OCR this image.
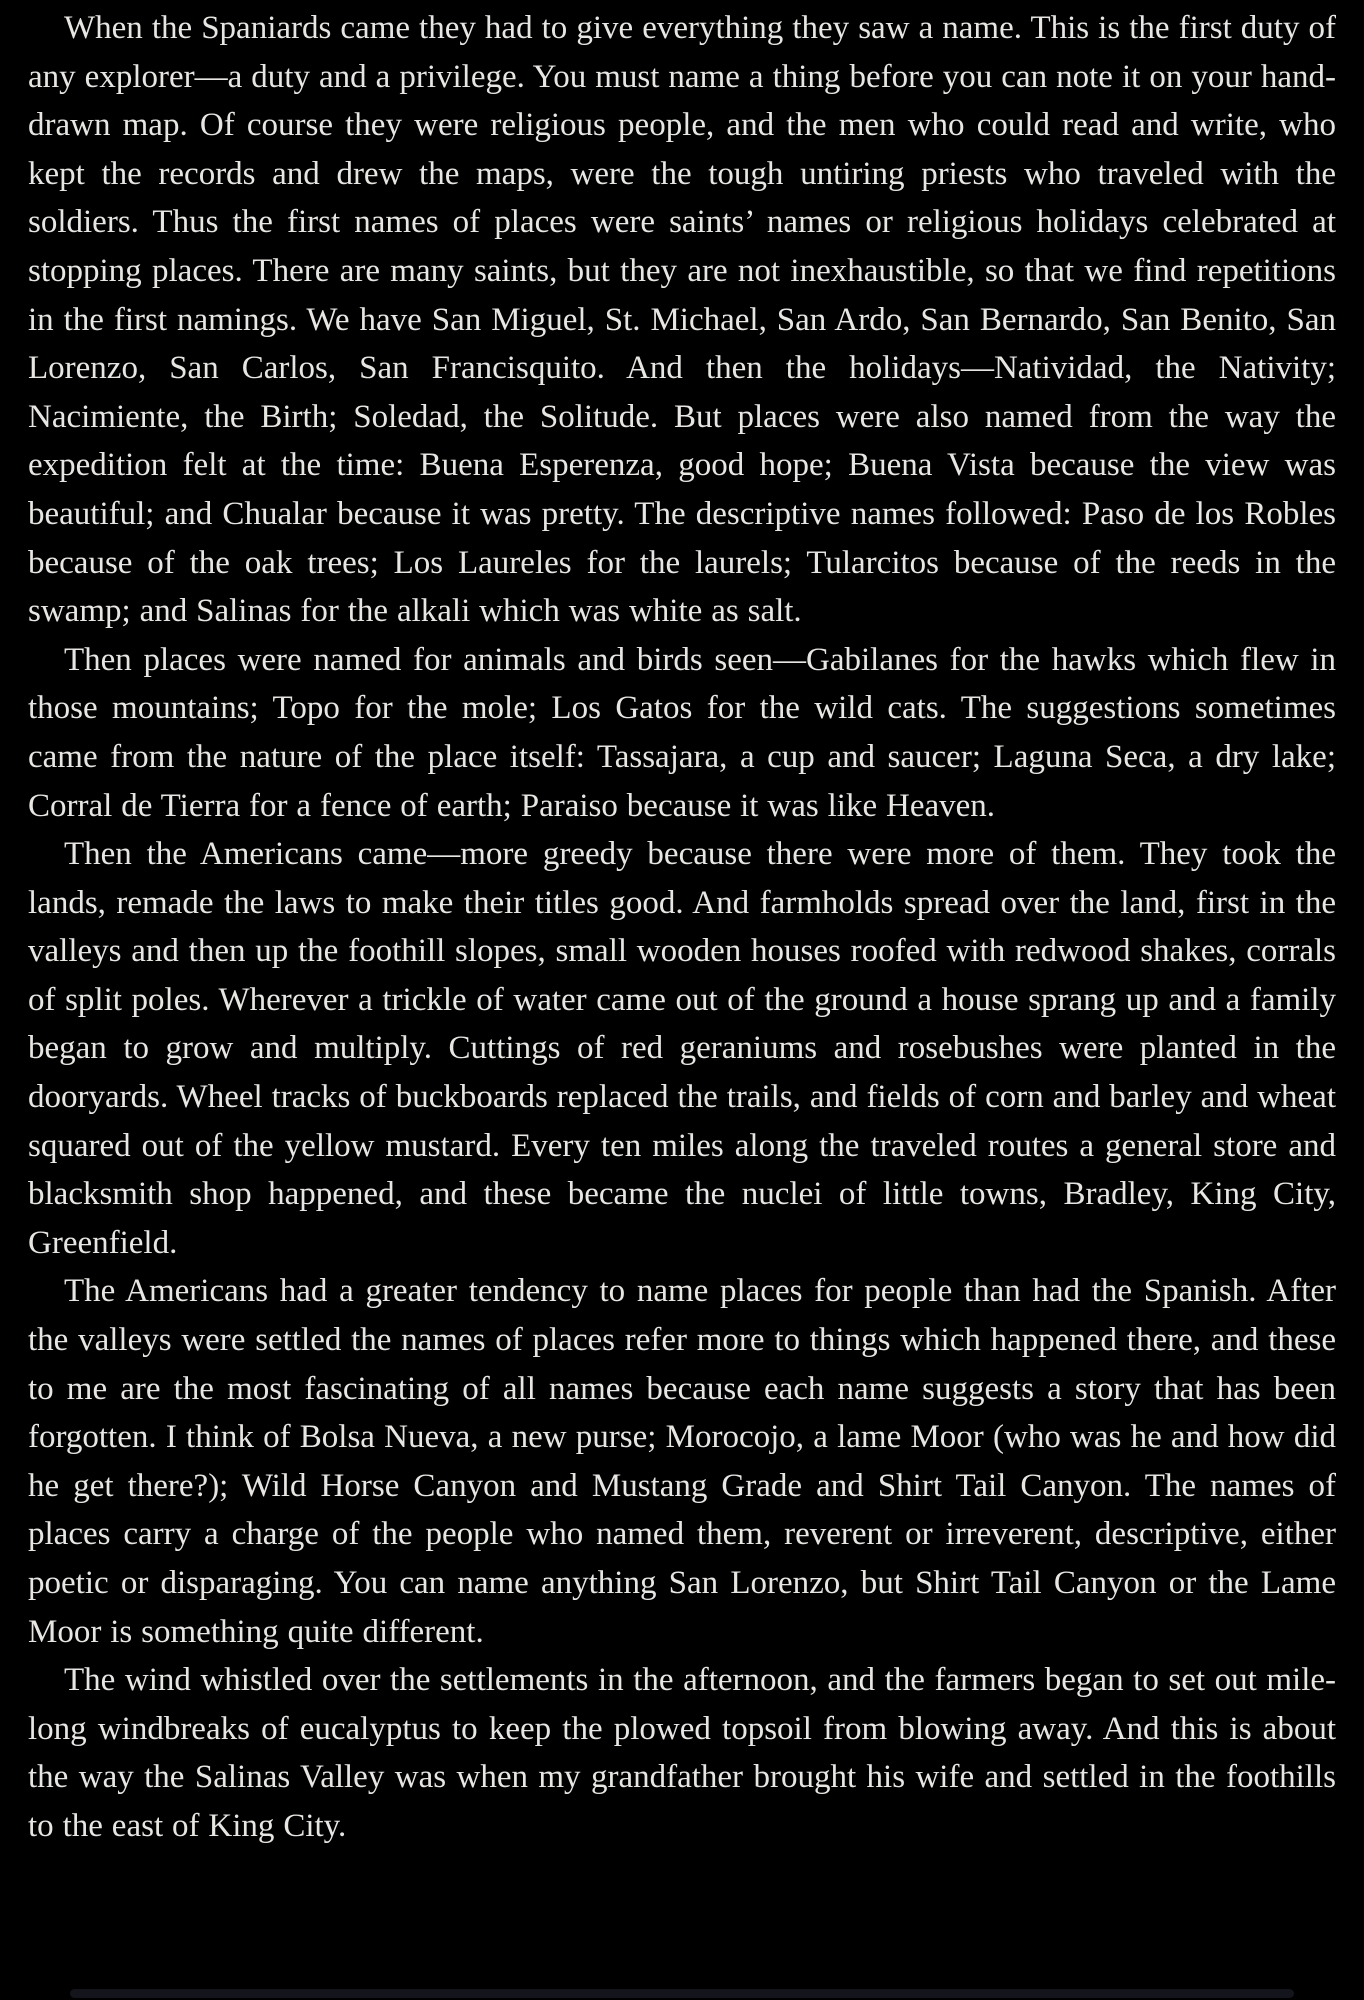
When the Spaniards came they had to give everything they saw a name. This is the first duty of any explorer—a duty and a privilege. You must name a thing before you can note it on your hand-drawn map. Of course they were religious people, and the men who could read and write, who kept the records and drew the maps, were the tough untiring priests who traveled with the soldiers. Thus the first names of places were saints’ names or religious holidays celebrated at stopping places. There are many saints, but they are not inexhaustible, so that we find repetitions in the first namings. We have San Miguel, St. Michael, San Ardo, San Bernardo, San Benito, San Lorenzo, San Carlos, San Francisquito. And then the holidays—Natividad, the Nativity; Nacimiente, the Birth; Soledad, the Solitude. But places were also named from the way the expedition felt at the time: Buena Esperenza, good hope; Buena Vista because the view was beautiful; and Chualar because it was pretty. The descriptive names followed: Paso de los Robles because of the oak trees; Los Laureles for the laurels; Tularcitos because of the reeds in the swamp; and Salinas for the alkali which was white as salt.

Then places were named for animals and birds seen—Gabilanes for the hawks which flew in those mountains; Topo for the mole; Los Gatos for the wild cats. The suggestions sometimes came from the nature of the place itself: Tassajara, a cup and saucer; Laguna Seca, a dry lake; Corral de Tierra for a fence of earth; Paraiso because it was like Heaven.

Then the Americans came—more greedy because there were more of them. They took the lands, remade the laws to make their titles good. And farmholds spread over the land, first in the valleys and then up the foothill slopes, small wooden houses roofed with redwood shakes, corrals of split poles. Wherever a trickle of water came out of the ground a house sprang up and a family began to grow and multiply. Cuttings of red geraniums and rosebushes were planted in the dooryards. Wheel tracks of buckboards replaced the trails, and fields of corn and barley and wheat squared out of the yellow mustard. Every ten miles along the traveled routes a general store and blacksmith shop happened, and these became the nuclei of little towns, Bradley, King City, Greenfield.

The Americans had a greater tendency to name places for people than had the Spanish. After the valleys were settled the names of places refer more to things which happened there, and these to me are the most fascinating of all names because each name suggests a story that has been forgotten. I think of Bolsa Nueva, a new purse; Morocojo, a lame Moor (who was he and how did he get there?); Wild Horse Canyon and Mustang Grade and Shirt Tail Canyon. The names of places carry a charge of the people who named them, reverent or irreverent, descriptive, either poetic or disparaging. You can name anything San Lorenzo, but Shirt Tail Canyon or the Lame Moor is something quite different.

The wind whistled over the settlements in the afternoon, and the farmers began to set out mile-long windbreaks of eucalyptus to keep the plowed topsoil from blowing away. And this is about the way the Salinas Valley was when my grandfather brought his wife and settled in the foothills to the east of King City.
